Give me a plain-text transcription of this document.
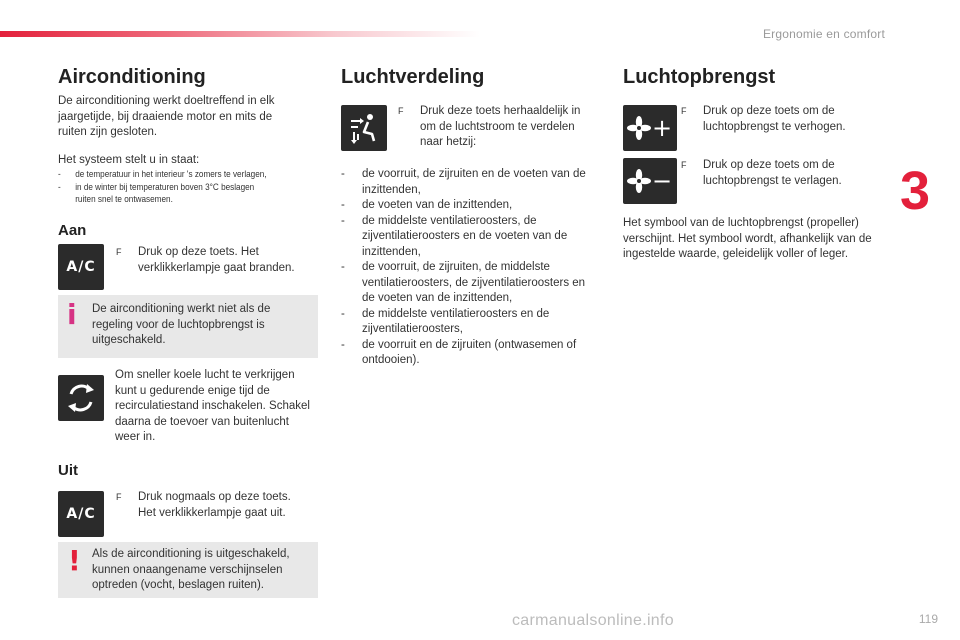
Ergonomie en comfort
3
Airconditioning

De airconditioning werkt doeltreffend in elk jaargetijde, bij draaiende motor en mits de ruiten zijn gesloten.

Het systeem stelt u in staat:

-	de temperatuur in het interieur 's zomers te verlagen,
-	in de winter bij temperaturen boven 3°C beslagen
ruiten snel te ontwasemen.
Aan
A/C
F	Druk op deze toets. Het verklikkerlampje gaat branden.
i	De airconditioning werkt niet als de regeling voor de luchtopbrengst is uitgeschakeld.

Om sneller koele lucht te verkrijgen kunt u gedurende enige tijd de recirculatiestand inschakelen. Schakel daarna de toevoer van buitenlucht weer in.

Uit
A/C
F	Druk nogmaals op deze toets. Het verklikkerlampje gaat uit.
! Als de airconditioning is uitgeschakeld, kunnen onaangename verschijnselen optreden (vocht, beslagen ruiten).

Luchtverdeling
F	Druk deze toets herhaaldelijk in om de luchtstroom te verdelen naar hetzij:
-	de voorruit, de zijruiten en de voeten van de inzittenden,
-	de voeten van de inzittenden,
-	de middelste ventilatieroosters, de zijventilatieroosters en de voeten van de inzittenden,
-	de voorruit, de zijruiten, de middelste ventilatieroosters, de zijventilatieroosters en de voeten van de inzittenden,
-	de middelste ventilatieroosters en de zijventilatieroosters,
-	de voorruit en de zijruiten (ontwasemen of ontdooien).
Luchtopbrengst
+
F	Druk op deze toets om de luchtopbrengst te verhogen.
−
F	Druk op deze toets om de luchtopbrengst te verlagen.

Het symbool van de luchtopbrengst (propeller) verschijnt. Het symbool wordt, afhankelijk van de ingestelde waarde, geleidelijk voller of leger.

carmanualsonline.info	119
